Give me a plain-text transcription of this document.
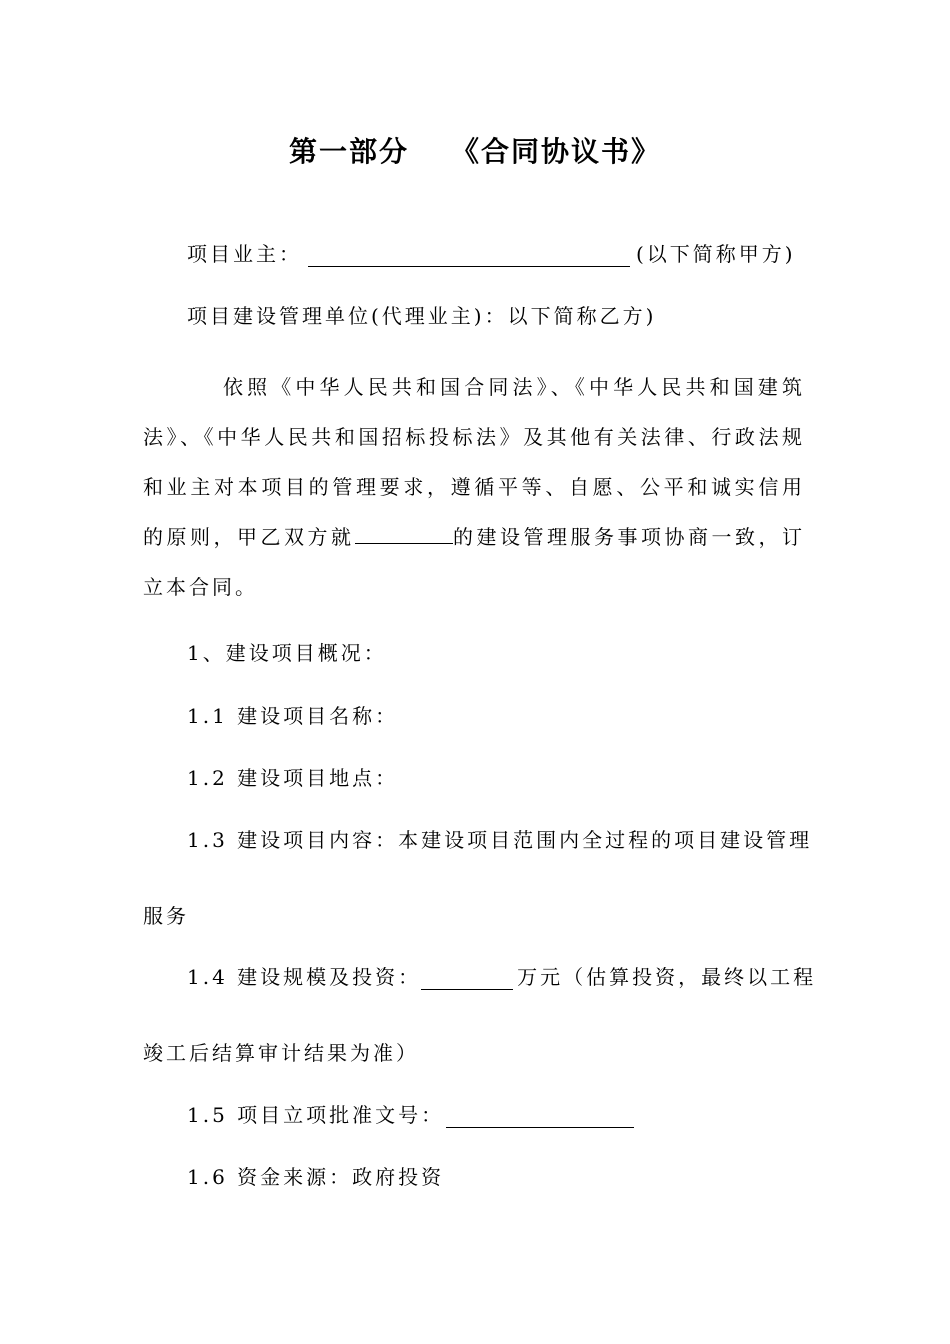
第一部分 《合同协议书》
项目业主：	(以下简称甲方)
项目建设管理单位(代理业主)：以下简称乙方)
依照《中华人民共和国合同法》、《中华人民共和国建筑法》、《中华人民共和国招标投标法》及其他有关法律、行政法规和业主对本项目的管理要求，遵循平等、自愿、公平和诚实信用的原则，甲乙双方就	的建设管理服务事项协商一致，订立本合同。
1、建设项目概况：
1.1 建设项目名称：
1.2 建设项目地点：
1.3 建设项目内容：本建设项目范围内全过程的项目建设管理
服务
1.4 建设规模及投资：	万元（估算投资，最终以工程
竣工后结算审计结果为准）
1.5 项目立项批准文号：
1.6 资金来源：政府投资
